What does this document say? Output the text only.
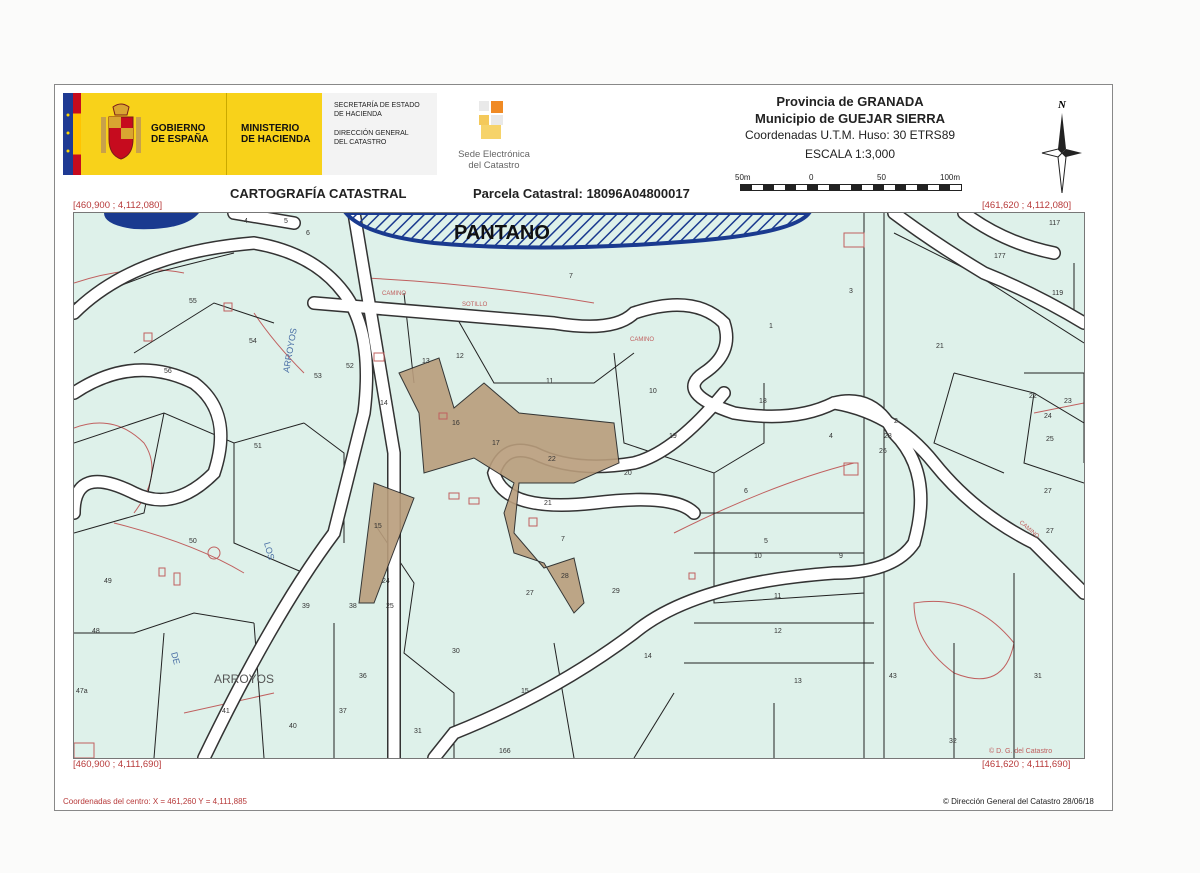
GOBIERNO
DE ESPAÑA
MINISTERIO
DE HACIENDA
SECRETARÍA DE ESTADO
DE HACIENDA
DIRECCIÓN GENERAL
DEL CATASTRO
Sede Electrónica
del Catastro
Provincia de GRANADA
Municipio de GUEJAR SIERRA
Coordenadas U.T.M. Huso: 30 ETRS89
ESCALA 1:3,000
50m	0	50	100m
N
CARTOGRAFÍA CATASTRAL	Parcela Catastral: 18096A04800017
[460,900 ; 4,112,080]	[461,620 ; 4,112,080]
[460,900 ; 4,111,690]	[461,620 ; 4,111,690]
PANTANO
ARROYOS
LOS
DE
ARROYOS
CAMINO
SOTILLO
CAMINO
CAMINO
4	5
6
55
54
56
53
52
13
12
11
14
16
17
22
21
7
15
24
25
27
28
29
10
19
18
20
6
5
4
3
1
7
21
22
23
24
25
26
27
28
30
9
10
11
12
13
14
15
166
31
32
31
36
37
38
39
40
41
43
47a
48
49
50
51
27
117
119
177
2
© D. G. del Catastro
Coordenadas del centro: X = 461,260 Y = 4,111,885	© Dirección General del Catastro 28/06/18
